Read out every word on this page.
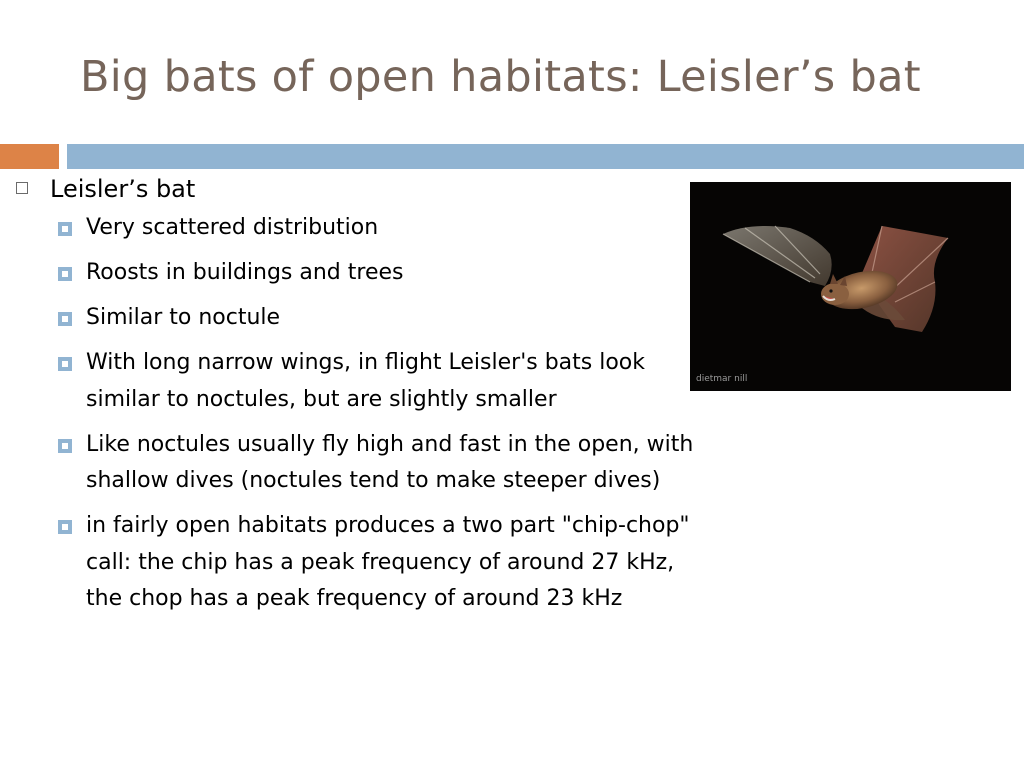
Big bats of open habitats: Leisler’s bat
Leisler’s bat
Very scattered distribution
Roosts in buildings and trees
Similar to noctule
With long narrow wings, in flight Leisler's bats look similar to noctules, but are slightly smaller
Like noctules usually fly high and fast in the open, with shallow dives (noctules tend to make steeper dives)
in fairly open habitats produces a two part "chip-chop" call: the chip has a peak frequency of around 27 kHz, the chop has a peak frequency of around 23 kHz
dietmar nill
